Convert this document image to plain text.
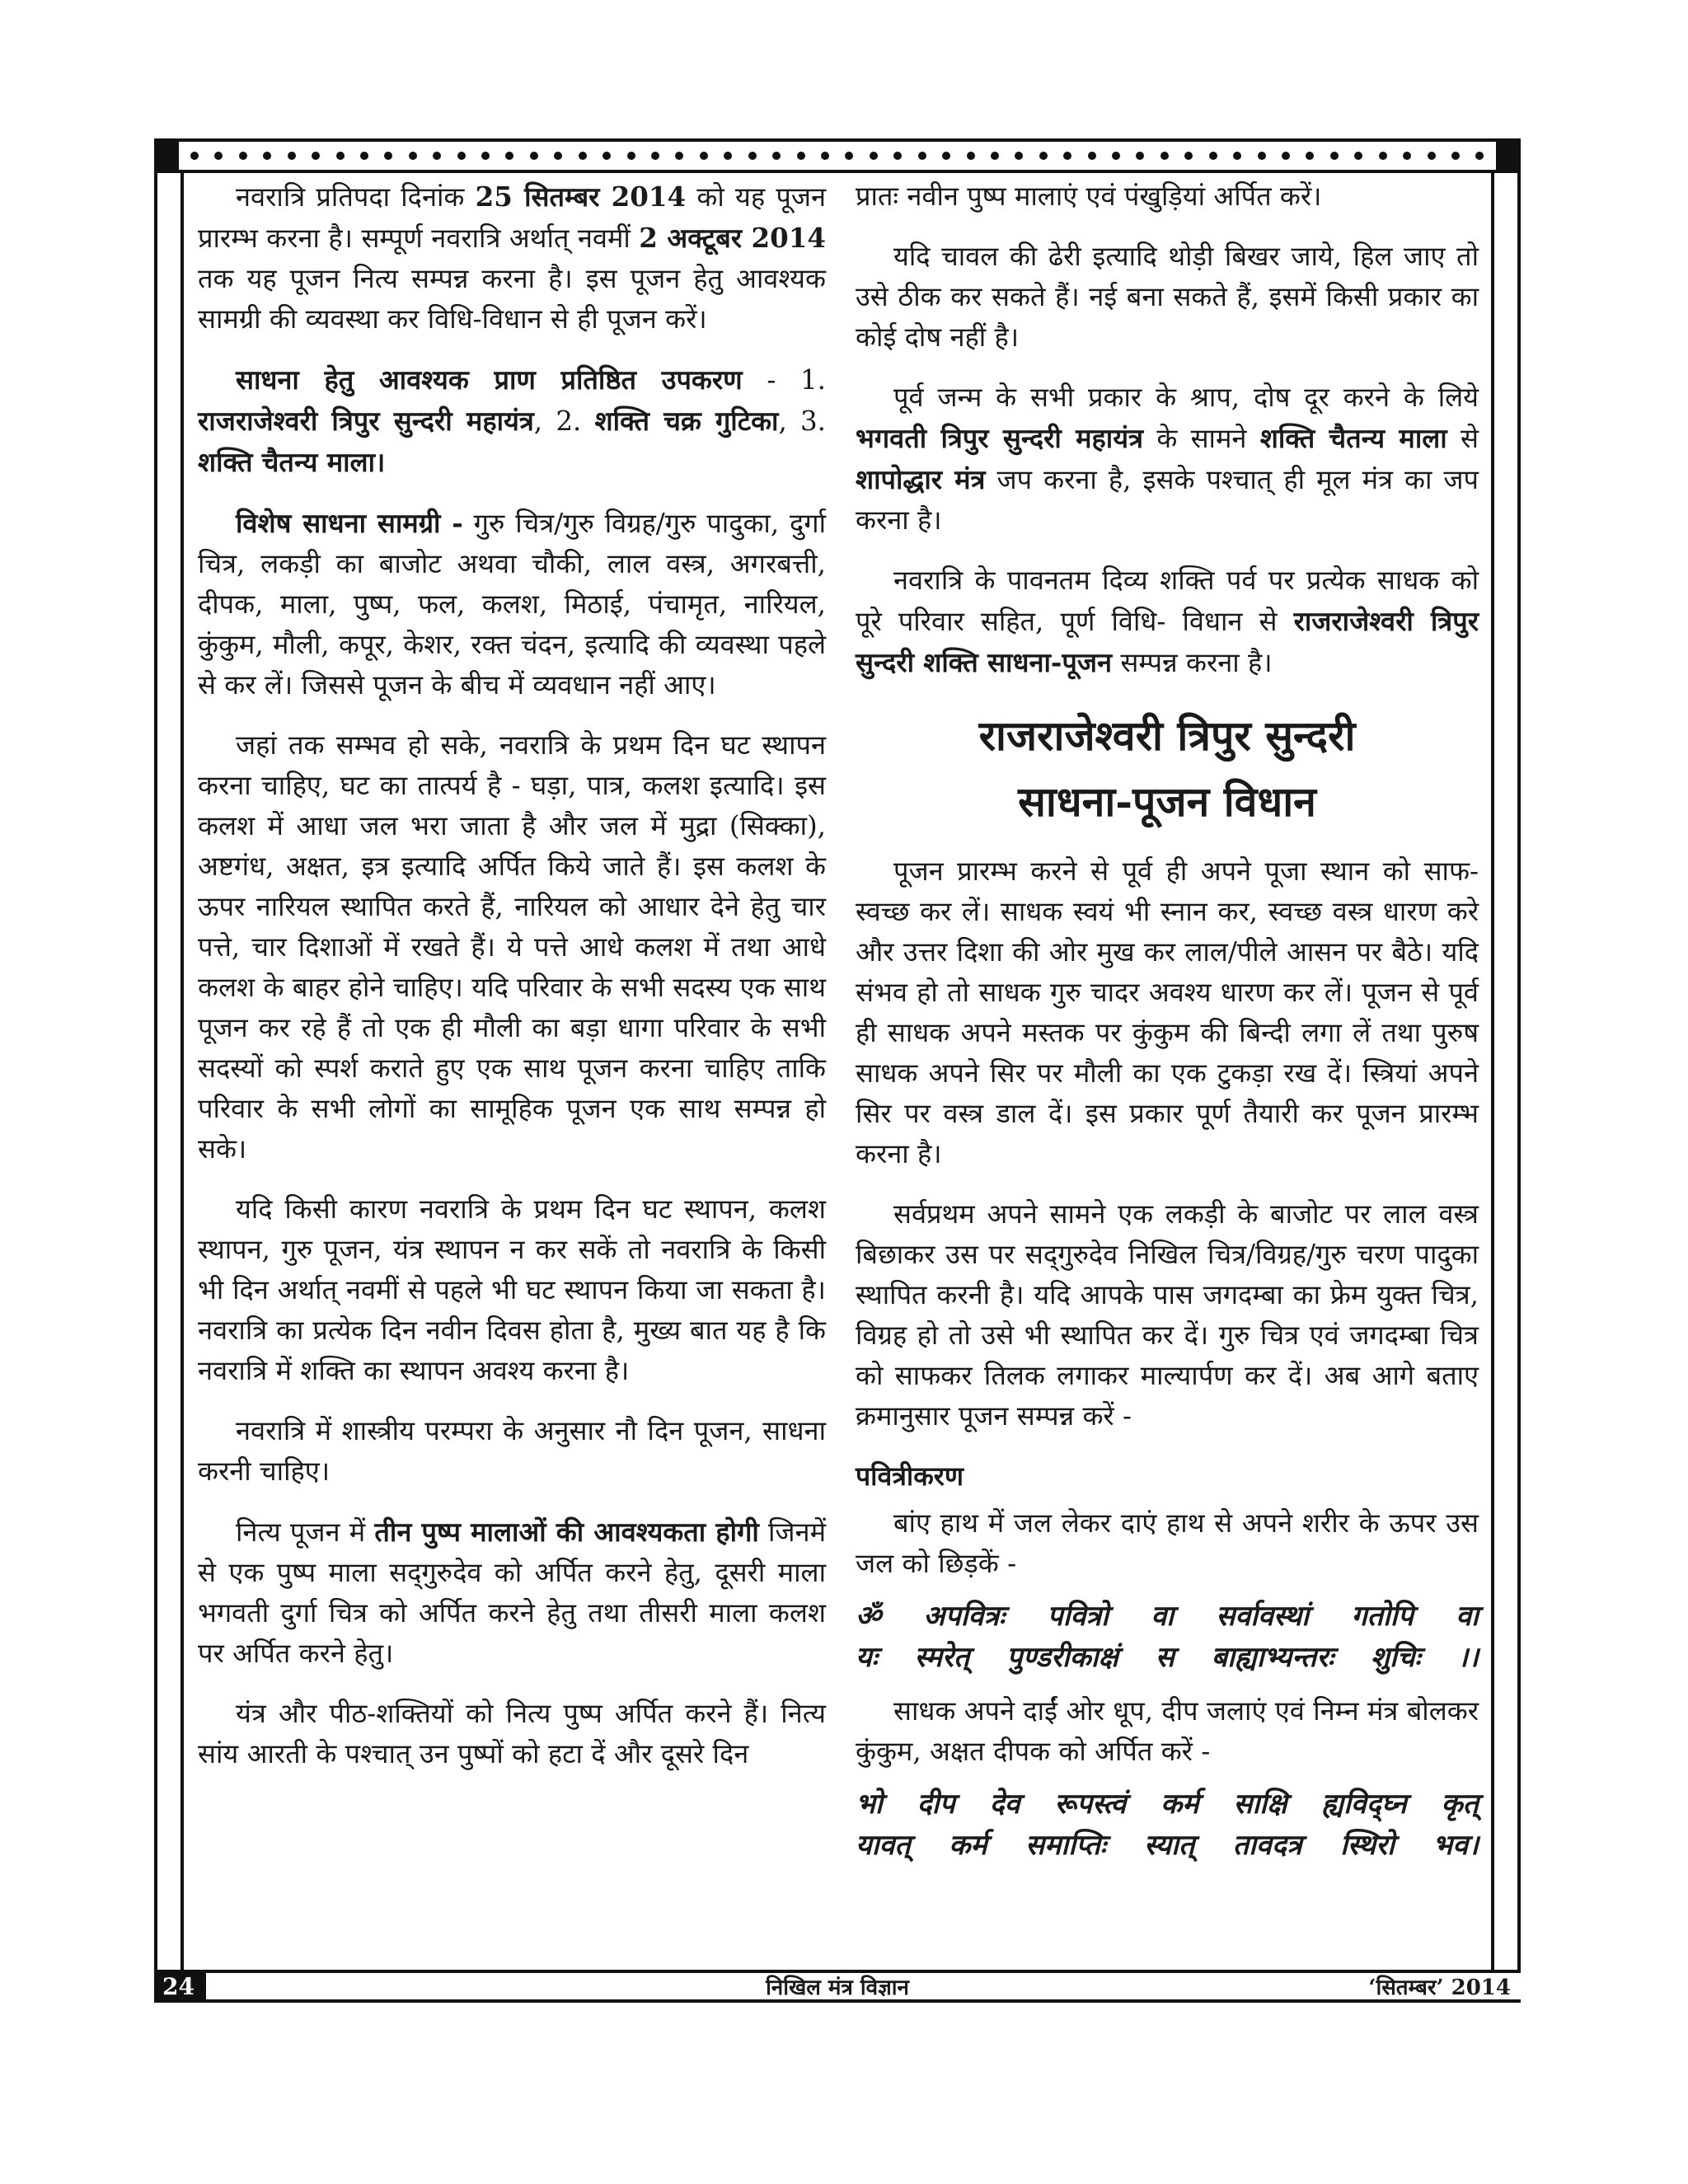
नवरात्रि प्रतिपदा दिनांक 25 सितम्बर 2014 को यह पूजन प्रारम्भ करना है। सम्पूर्ण नवरात्रि अर्थात् नवमीं 2 अक्टूबर 2014 तक यह पूजन नित्य सम्पन्न करना है। इस पूजन हेतु आवश्यक सामग्री की व्यवस्था कर विधि-विधान से ही पूजन करें।

साधना हेतु आवश्यक प्राण प्रतिष्ठित उपकरण - 1. राजराजेश्वरी त्रिपुर सुन्दरी महायंत्र, 2. शक्ति चक्र गुटिका, 3. शक्ति चैतन्य माला।

विशेष साधना सामग्री - गुरु चित्र/गुरु विग्रह/गुरु पादुका, दुर्गा चित्र, लकड़ी का बाजोट अथवा चौकी, लाल वस्त्र, अगरबत्ती, दीपक, माला, पुष्प, फल, कलश, मिठाई, पंचामृत, नारियल, कुंकुम, मौली, कपूर, केशर, रक्त चंदन, इत्यादि की व्यवस्था पहले से कर लें। जिससे पूजन के बीच में व्यवधान नहीं आए।

जहां तक सम्भव हो सके, नवरात्रि के प्रथम दिन घट स्थापन करना चाहिए, घट का तात्पर्य है - घड़ा, पात्र, कलश इत्यादि। इस कलश में आधा जल भरा जाता है और जल में मुद्रा (सिक्का), अष्टगंध, अक्षत, इत्र इत्यादि अर्पित किये जाते हैं। इस कलश के ऊपर नारियल स्थापित करते हैं, नारियल को आधार देने हेतु चार पत्ते, चार दिशाओं में रखते हैं। ये पत्ते आधे कलश में तथा आधे कलश के बाहर होने चाहिए। यदि परिवार के सभी सदस्य एक साथ पूजन कर रहे हैं तो एक ही मौली का बड़ा धागा परिवार के सभी सदस्यों को स्पर्श कराते हुए एक साथ पूजन करना चाहिए ताकि परिवार के सभी लोगों का सामूहिक पूजन एक साथ सम्पन्न हो सके।

यदि किसी कारण नवरात्रि के प्रथम दिन घट स्थापन, कलश स्थापन, गुरु पूजन, यंत्र स्थापन न कर सकें तो नवरात्रि के किसी भी दिन अर्थात् नवमीं से पहले भी घट स्थापन किया जा सकता है। नवरात्रि का प्रत्येक दिन नवीन दिवस होता है, मुख्य बात यह है कि नवरात्रि में शक्ति का स्थापन अवश्य करना है।

नवरात्रि में शास्त्रीय परम्परा के अनुसार नौ दिन पूजन, साधना करनी चाहिए।

नित्य पूजन में तीन पुष्प मालाओं की आवश्यकता होगी जिनमें से एक पुष्प माला सद्‌गुरुदेव को अर्पित करने हेतु, दूसरी माला भगवती दुर्गा चित्र को अर्पित करने हेतु तथा तीसरी माला कलश पर अर्पित करने हेतु।

यंत्र और पीठ-शक्तियों को नित्य पुष्प अर्पित करने हैं। नित्य सांय आरती के पश्चात् उन पुष्पों को हटा दें और दूसरे दिन

प्रातः नवीन पुष्प मालाएं एवं पंखुड़ियां अर्पित करें।

यदि चावल की ढेरी इत्यादि थोड़ी बिखर जाये, हिल जाए तो उसे ठीक कर सकते हैं। नई बना सकते हैं, इसमें किसी प्रकार का कोई दोष नहीं है।

पूर्व जन्म के सभी प्रकार के श्राप, दोष दूर करने के लिये भगवती त्रिपुर सुन्दरी महायंत्र के सामने शक्ति चैतन्य माला से शापोद्धार मंत्र जप करना है, इसके पश्चात् ही मूल मंत्र का जप करना है।

नवरात्रि के पावनतम दिव्य शक्ति पर्व पर प्रत्येक साधक को पूरे परिवार सहित, पूर्ण विधि- विधान से राजराजेश्वरी त्रिपुर सुन्दरी शक्ति साधना-पूजन सम्पन्न करना है।

राजराजेश्वरी त्रिपुर सुन्दरी
साधना-पूजन विधान

पूजन प्रारम्भ करने से पूर्व ही अपने पूजा स्थान को साफ-स्वच्छ कर लें। साधक स्वयं भी स्नान कर, स्वच्छ वस्त्र धारण करे और उत्तर दिशा की ओर मुख कर लाल/पीले आसन पर बैठे। यदि संभव हो तो साधक गुरु चादर अवश्य धारण कर लें। पूजन से पूर्व ही साधक अपने मस्तक पर कुंकुम की बिन्दी लगा लें तथा पुरुष साधक अपने सिर पर मौली का एक टुकड़ा रख दें। स्त्रियां अपने सिर पर वस्त्र डाल दें। इस प्रकार पूर्ण तैयारी कर पूजन प्रारम्भ करना है।

सर्वप्रथम अपने सामने एक लकड़ी के बाजोट पर लाल वस्त्र बिछाकर उस पर सद्‌गुरुदेव निखिल चित्र/विग्रह/गुरु चरण पादुका स्थापित करनी है। यदि आपके पास जगदम्बा का फ्रेम युक्त चित्र, विग्रह हो तो उसे भी स्थापित कर दें। गुरु चित्र एवं जगदम्बा चित्र को साफकर तिलक लगाकर माल्यार्पण कर दें। अब आगे बताए क्रमानुसार पूजन सम्पन्न करें -

पवित्रीकरण

बांए हाथ में जल लेकर दाएं हाथ से अपने शरीर के ऊपर उस जल को छिड़कें -

ॐ अपवित्रः पवित्रो वा सर्वावस्थां गतोपि वा
यः स्मरेत् पुण्डरीकाक्षं स बाह्याभ्यन्तरः शुचिः ।।

साधक अपने दाईं ओर धूप, दीप जलाएं एवं निम्न मंत्र बोलकर कुंकुम, अक्षत दीपक को अर्पित करें -

भो दीप देव रूपस्त्वं कर्म साक्षि ह्यविद्घ्न कृत्
यावत् कर्म समाप्तिः स्यात् तावदत्र स्थिरो भव।
24	निखिल मंत्र विज्ञान	‘सितम्बर’ 2014
